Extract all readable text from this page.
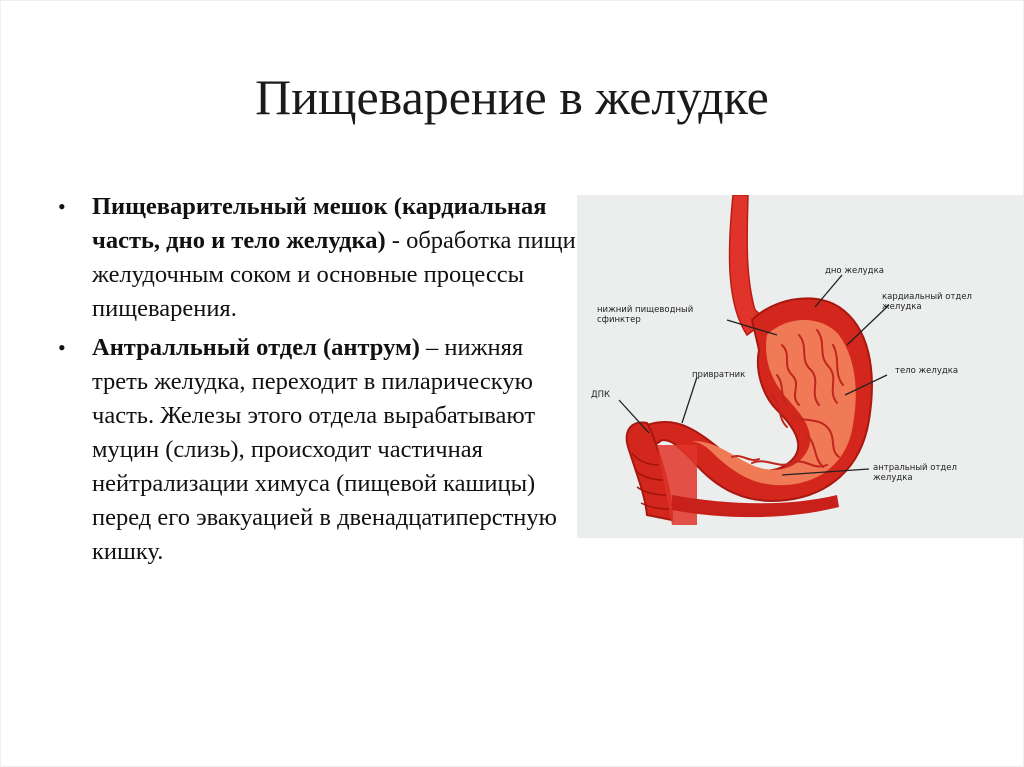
Пищеварение в желудке
• Пищеварительный мешок (кардиальная часть, дно и тело желудка) - обработка пищи желудочным соком и основные процессы пищеварения.
• Антралльный отдел (антрум) – нижняя треть желудка, переходит в пиларическую часть. Железы этого отдела вырабатывают муцин (слизь), происходит частичная нейтрализации химуса (пищевой кашицы) перед его эвакуацией в двенадцатиперстную кишку.
дно желудка
нижний пищеводный сфинктер
кардиальный отдел желудка
привратник
ДПК
тело желудка
антральный отдел желудка
